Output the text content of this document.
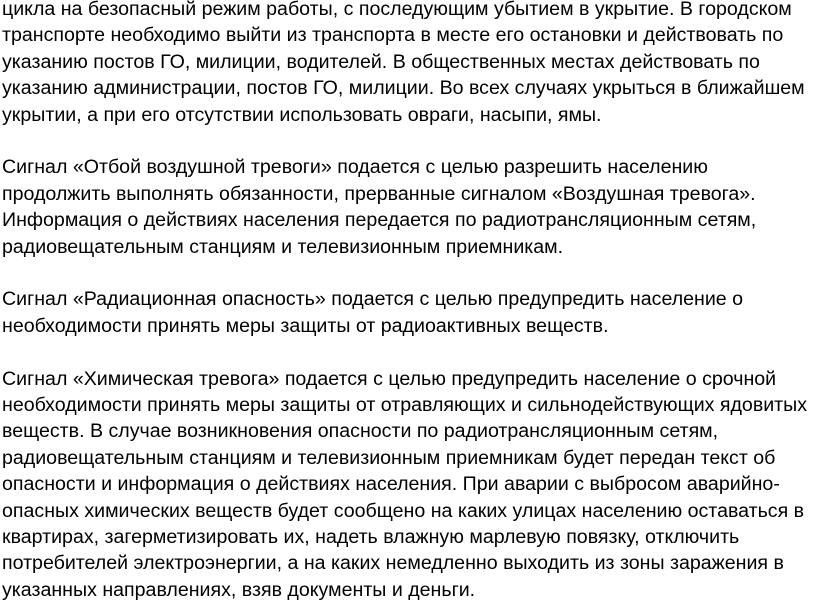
цикла на безопасный режим работы, с последующим убытием в укрытие. В городском транспорте необходимо выйти из транспорта в месте его остановки и действовать по указанию постов ГО, милиции, водителей. В общественных местах действовать по указанию администрации, постов ГО, милиции. Во всех случаях укрыться в ближайшем укрытии, а при его отсутствии использовать овраги, насыпи, ямы.

Сигнал «Отбой воздушной тревоги» подается с целью разрешить населению продолжить выполнять обязанности, прерванные сигналом «Воздушная тревога». Информация о действиях населения передается по радиотрансляционным сетям, радиовещательным станциям и телевизионным приемникам.

Сигнал «Радиационная опасность» подается с целью предупредить население о необходимости принять меры защиты от радиоактивных веществ.

Сигнал «Химическая тревога» подается с целью предупредить население о срочной необходимости принять меры защиты от отравляющих и сильнодействующих ядовитых веществ. В случае возникновения опасности по радиотрансляционным сетям, радиовещательным станциям и телевизионным приемникам будет передан текст об опасности и информация о действиях населения. При аварии с выбросом аварийно-опасных химических веществ будет сообщено на каких улицах населению оставаться в квартирах, загерметизировать их, надеть влажную марлевую повязку, отключить потребителей электроэнергии, а на каких немедленно выходить из зоны заражения в указанных направлениях, взяв документы и деньги.
